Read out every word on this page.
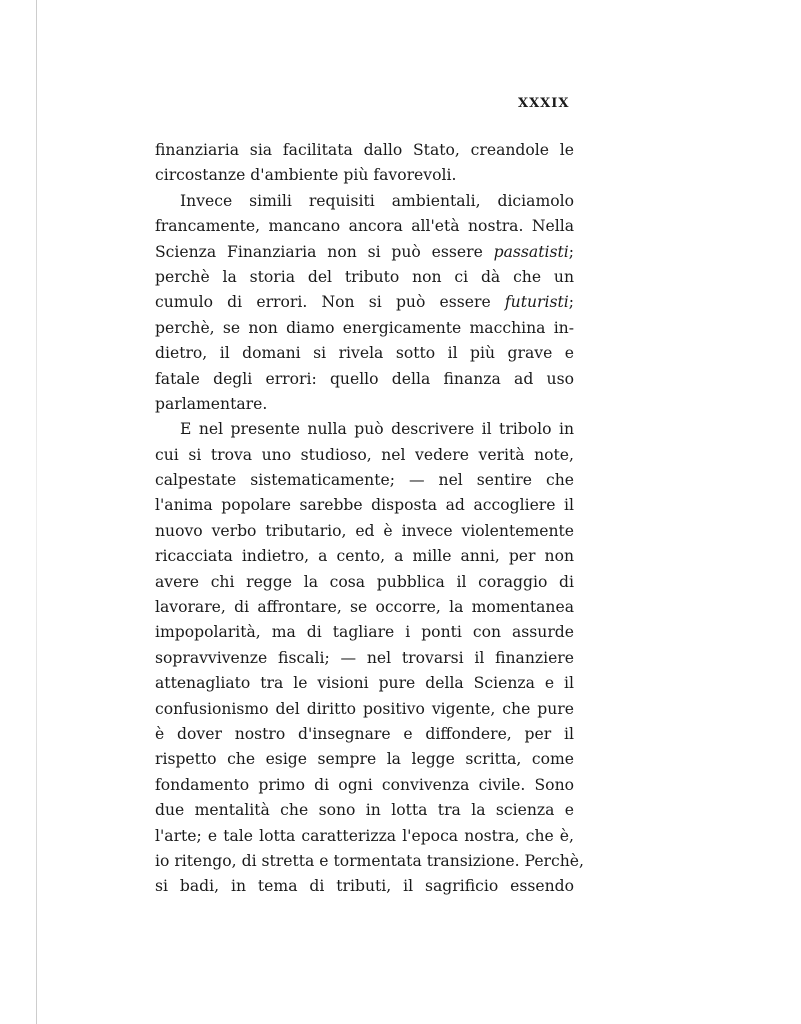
XXXIX
finanziaria sia facilitata dallo Stato, creandole le
circostanze d'ambiente più favorevoli.
Invece simili requisiti ambientali, diciamolo
francamente, mancano ancora all'età nostra. Nella
Scienza Finanziaria non si può essere passatisti;
perchè la storia del tributo non ci dà che un
cumulo di errori. Non si può essere futuristi;
perchè, se non diamo energicamente macchina in-
dietro, il domani si rivela sotto il più grave e
fatale degli errori: quello della finanza ad uso
parlamentare.
E nel presente nulla può descrivere il tribolo in
cui si trova uno studioso, nel vedere verità note,
calpestate sistematicamente; — nel sentire che
l'anima popolare sarebbe disposta ad accogliere il
nuovo verbo tributario, ed è invece violentemente
ricacciata indietro, a cento, a mille anni, per non
avere chi regge la cosa pubblica il coraggio di
lavorare, di affrontare, se occorre, la momentanea
impopolarità, ma di tagliare i ponti con assurde
sopravvivenze fiscali; — nel trovarsi il finanziere
attenagliato tra le visioni pure della Scienza e il
confusionismo del diritto positivo vigente, che pure
è dover nostro d'insegnare e diffondere, per il
rispetto che esige sempre la legge scritta, come
fondamento primo di ogni convivenza civile. Sono
due mentalità che sono in lotta tra la scienza e
l'arte; e tale lotta caratterizza l'epoca nostra, che è,
io ritengo, di stretta e tormentata transizione. Perchè,
si badi, in tema di tributi, il sagrificio essendo
